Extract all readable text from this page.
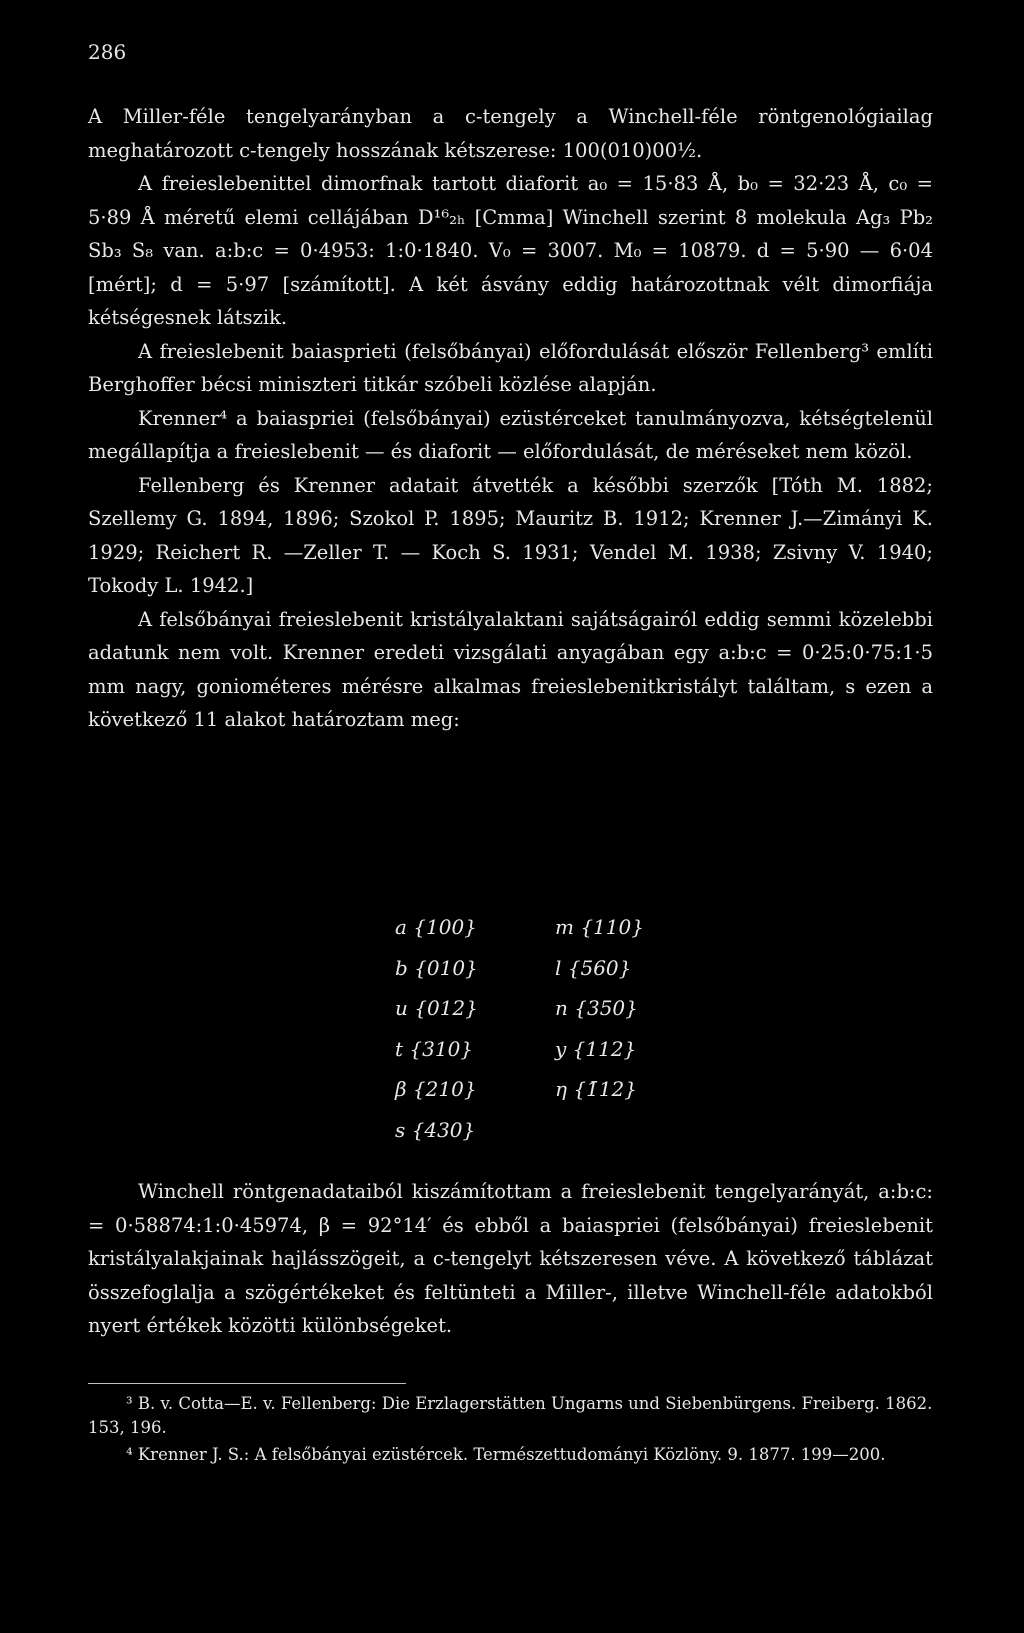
286

A Miller-féle tengelyarányban a c-tengely a Winchell-féle röntgenológiailag meghatározott c-tengely hosszának kétszerese: 100(010)00½.

A freieslebenittel dimorfnak tartott diaforit a₀ = 15·83 Å, b₀ = 32·23 Å, c₀ = 5·89 Å méretű elemi cellájában D¹⁶₂ₕ [Cmma] Winchell szerint 8 molekula Ag₃ Pb₂ Sb₃ S₈ van. a:b:c = 0·4953: 1:0·1840. V₀ = 3007. M₀ = 10879. d = 5·90 — 6·04 [mért]; d = 5·97 [számított]. A két ásvány eddig határozottnak vélt dimorfiája kétségesnek látszik.

A freieslebenit baiasprieti (felsőbányai) előfordulását először Fellenberg³ említi Berghoffer bécsi miniszteri titkár szóbeli közlése alapján.

Krenner⁴ a baiaspriei (felsőbányai) ezüstérceket tanulmányozva, kétségtelenül megállapítja a freieslebenit — és diaforit — előfordulását, de méréseket nem közöl.

Fellenberg és Krenner adatait átvették a későbbi szerzők [Tóth M. 1882; Szellemy G. 1894, 1896; Szokol P. 1895; Mauritz B. 1912; Krenner J.—Zimányi K. 1929; Reichert R. —Zeller T. — Koch S. 1931; Vendel M. 1938; Zsivny V. 1940; Tokody L. 1942.]

A felsőbányai freieslebenit kristályalaktani sajátságairól eddig semmi közelebbi adatunk nem volt. Krenner eredeti vizsgálati anyagában egy a:b:c = 0·25:0·75:1·5 mm nagy, goniométeres mérésre alkalmas freieslebenitkristályt találtam, s ezen a következő 11 alakot határoztam meg:

a {100}	m {110}
b {010}	l {560}
u {012}	n {350}
t {310}	y {112}
β {210}	η {1̄12}
s {430}

Winchell röntgenadataiból kiszámítottam a freieslebenit tengelyarányát, a:b:c: = 0·58874:1:0·45974, β = 92°14′ és ebből a baiasprieі (felsőbányai) freieslebenit kristályalakjainak hajlásszögeit, a c-tengelyt kétszeresen véve. A következő táblázat összefoglalja a szögértékeket és feltünteti a Miller-, illetve Winchell-féle adatokból nyert értékek közötti különbségeket.

³ B. v. Cotta—E. v. Fellenberg: Die Erzlagerstätten Ungarns und Siebenbürgens. Freiberg. 1862. 153, 196.

⁴ Krenner J. S.: A felsőbányai ezüstércek. Természettudományi Közlöny. 9. 1877. 199—200.
